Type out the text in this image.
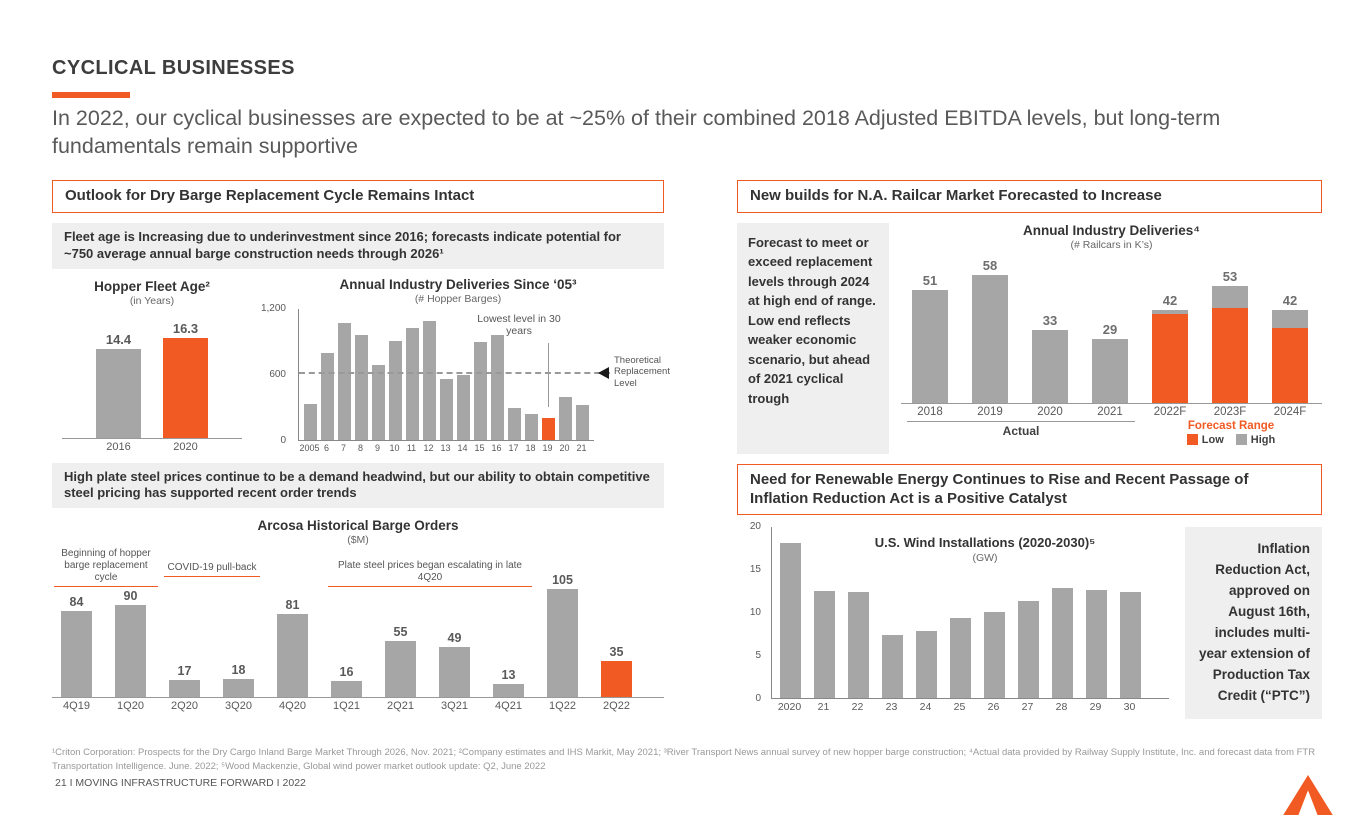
CYCLICAL BUSINESSES
In 2022, our cyclical businesses are expected to be at ~25% of their combined 2018 Adjusted EBITDA levels, but long-term fundamentals remain supportive
Outlook for Dry Barge Replacement Cycle Remains Intact
Fleet age is Increasing due to underinvestment since 2016; forecasts indicate potential for ~750 average annual barge construction needs through 2026¹
Hopper Fleet Age²
(in Years)
14.4
16.3
2016	2020
Annual Industry Deliveries Since ‘05³
(# Hopper Barges)
0
600
1,200
Lowest level in 30 years
Theoretical Replacement Level
2005 6	7	8	9	10 11 12 13 14 15 16 17 18 19 20 21
High plate steel prices continue to be a demand headwind, but our ability to obtain competitive steel pricing has supported recent order trends
Arcosa Historical Barge Orders
($M)
Beginning of hopper barge replacement cycle
COVID-19 pull-back	Plate steel prices began escalating in late 4Q20
84	90
17	18
81
16
55	49
13
105
35
4Q19	1Q20	2Q20	3Q20	4Q20	1Q21	2Q21	3Q21	4Q21	1Q22	2Q22
New builds for N.A. Railcar Market Forecasted to Increase
Forecast to meet or exceed replacement levels through 2024 at high end of range. Low end reflects weaker economic scenario, but ahead of 2021 cyclical trough
Annual Industry Deliveries⁴
(# Railcars in K’s)
51
58
33
29
42
53
42
2018	2019	2020	2021	2022F	2023F	2024F
Actual	Forecast Range
Low High
Need for Renewable Energy Continues to Rise and Recent Passage of Inflation Reduction Act is a Positive Catalyst
U.S. Wind Installations (2020-2030)⁵
(GW)
0
5
10
15
20
2020	21	22	23	24	25	26	27	28	29	30
Inflation Reduction Act, approved on August 16th, includes multi-year extension of Production Tax Credit (“PTC”)
¹Criton Corporation: Prospects for the Dry Cargo Inland Barge Market Through 2026, Nov. 2021; ²Company estimates and IHS Markit, May 2021; ³River Transport News annual survey of new hopper barge construction; ⁴Actual data provided by Railway Supply Institute, Inc. and forecast data from FTR Transportation Intelligence. June. 2022; ⁵Wood Mackenzie, Global wind power market outlook update: Q2, June 2022
21 I MOVING INFRASTRUCTURE FORWARD I 2022
